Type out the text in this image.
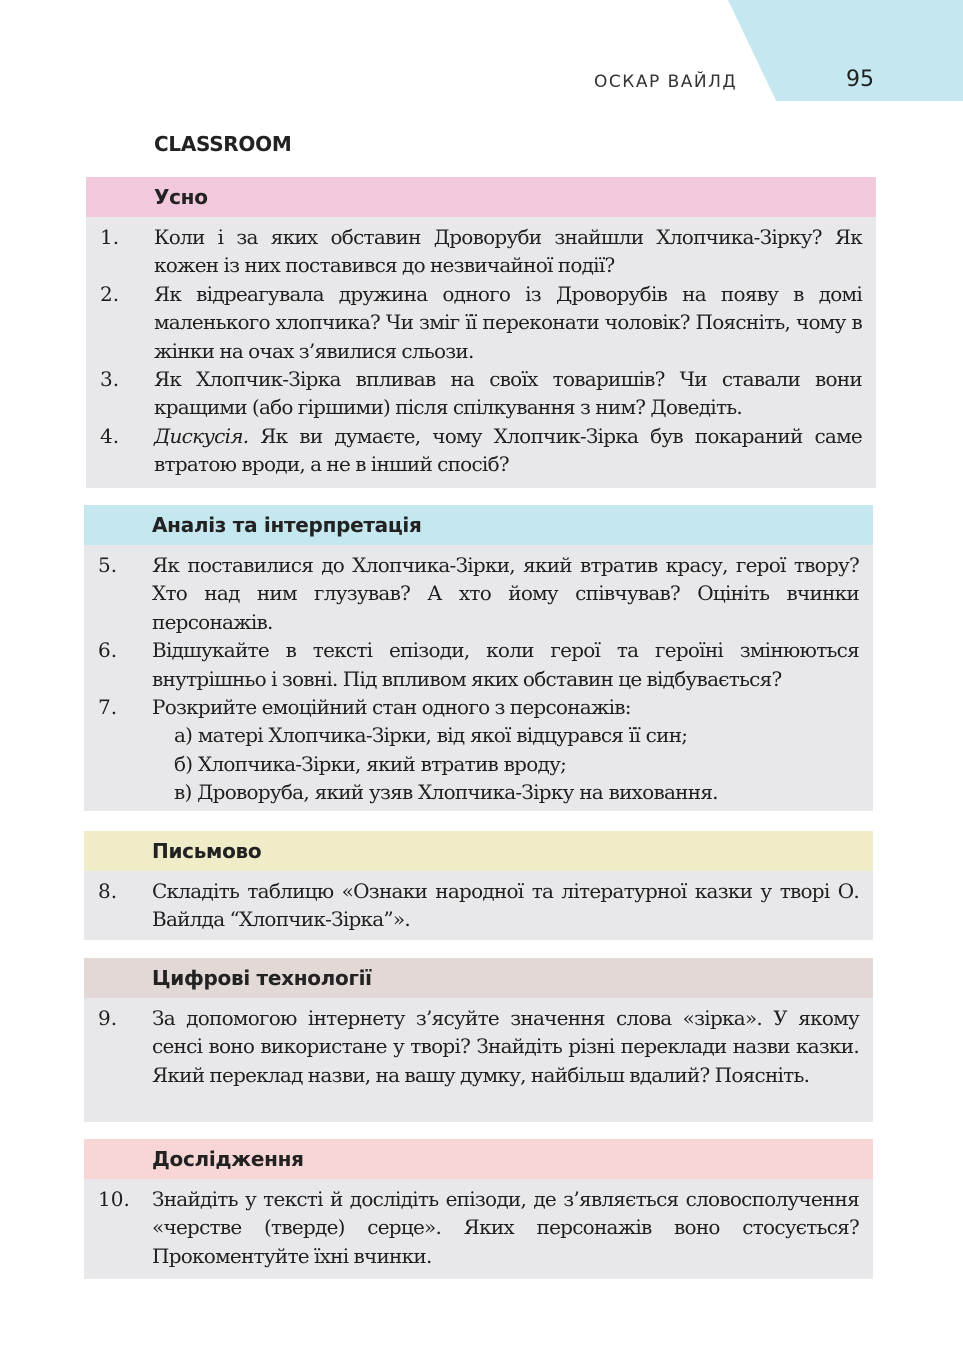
ОСКАР ВАЙЛД	95
CLASSROOM
Усно
1.	Коли і за яких обставин Дроворуби знайшли Хлопчика-Зірку? Як кожен із них поставився до незвичайної події?
2.	Як відреагувала дружина одного із Дроворубів на появу в домі маленького хлопчика? Чи зміг її переконати чоловік? Поясніть, чому в жінки на очах з’явилися сльози.
3.	Як Хлопчик-Зірка впливав на своїх товаришів? Чи ставали вони кращими (або гіршими) після спілкування з ним? Доведіть.
4.	Дискусія. Як ви думаєте, чому Хлопчик-Зірка був покараний саме втратою вроди, а не в інший спосіб?
Аналіз та інтерпретація
5.	Як поставилися до Хлопчика-Зірки, який втратив красу, герої твору? Хто над ним глузував? А хто йому співчував? Оцініть вчинки персонажів.
6.	Відшукайте в тексті епізоди, коли герої та героїні змінюються внутрішньо і зовні. Під впливом яких обставин це відбувається?
7.	Розкрийте емоційний стан одного з персонажів:
а) матері Хлопчика-Зірки, від якої відцурався її син;
б) Хлопчика-Зірки, який втратив вроду;
в) Дроворуба, який узяв Хлопчика-Зірку на виховання.
Письмово
8.	Складіть таблицю «Ознаки народної та літературної казки у творі О. Вайлда “Хлопчик-Зірка”».
Цифрові технології
9.	За допомогою інтернету з’ясуйте значення слова «зірка». У якому сенсі воно використане у творі? Знайдіть різні переклади назви казки. Який переклад назви, на вашу думку, найбільш вдалий? Поясніть.
Дослідження
10.	Знайдіть у тексті й дослідіть епізоди, де з’являється словосполучення «черстве (тверде) серце». Яких персонажів воно стосується? Прокоментуйте їхні вчинки.
